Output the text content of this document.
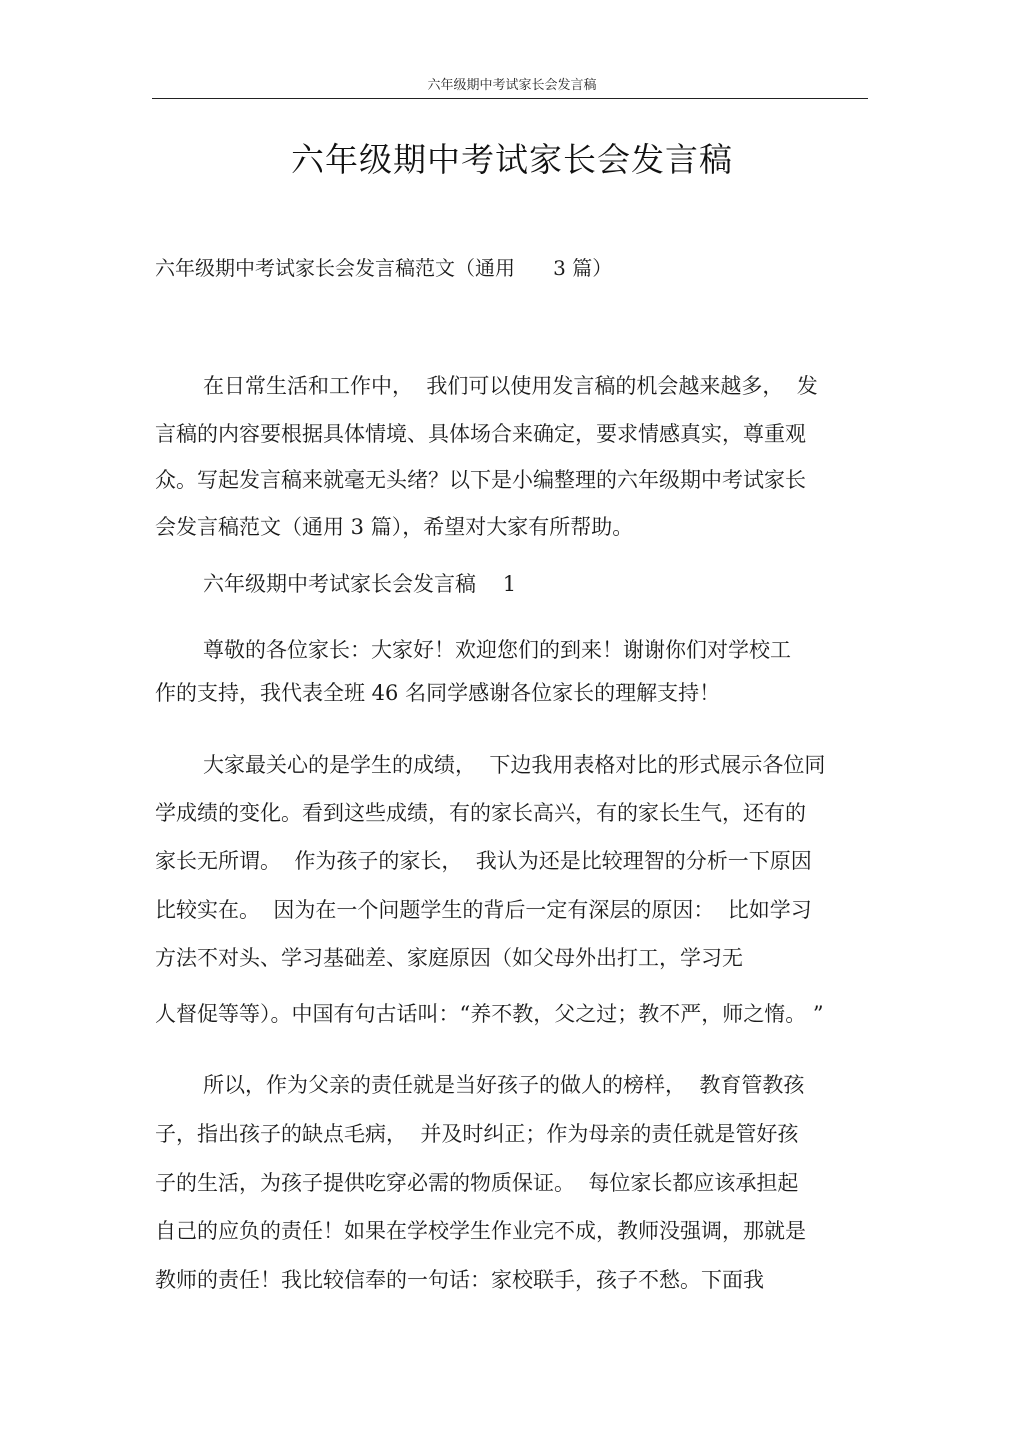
六年级期中考试家长会发言稿
六年级期中考试家长会发言稿
六年级期中考试家长会发言稿范文（通用      3 篇）
在日常生活和工作中，  我们可以使用发言稿的机会越来越多，  发
言稿的内容要根据具体情境、具体场合来确定，要求情感真实，尊重观
众。写起发言稿来就毫无头绪？以下是小编整理的六年级期中考试家长
会发言稿范文（通用 3 篇），希望对大家有所帮助。
六年级期中考试家长会发言稿    1
尊敬的各位家长：大家好！欢迎您们的到来！谢谢你们对学校工
作的支持，我代表全班 46 名同学感谢各位家长的理解支持！
大家最关心的是学生的成绩，  下边我用表格对比的形式展示各位同
学成绩的变化。看到这些成绩，有的家长高兴，有的家长生气，还有的
家长无所谓。  作为孩子的家长，  我认为还是比较理智的分析一下原因
比较实在。  因为在一个问题学生的背后一定有深层的原因：  比如学习
方法不对头、学习基础差、家庭原因（如父母外出打工，学习无
人督促等等）。中国有句古话叫：“养不教，父之过；教不严，师之惰。 ”
所以，作为父亲的责任就是当好孩子的做人的榜样，  教育管教孩
子，指出孩子的缺点毛病，  并及时纠正；作为母亲的责任就是管好孩
子的生活，为孩子提供吃穿必需的物质保证。  每位家长都应该承担起
自己的应负的责任！如果在学校学生作业完不成，教师没强调，那就是
教师的责任！我比较信奉的一句话：家校联手，孩子不愁。下面我
